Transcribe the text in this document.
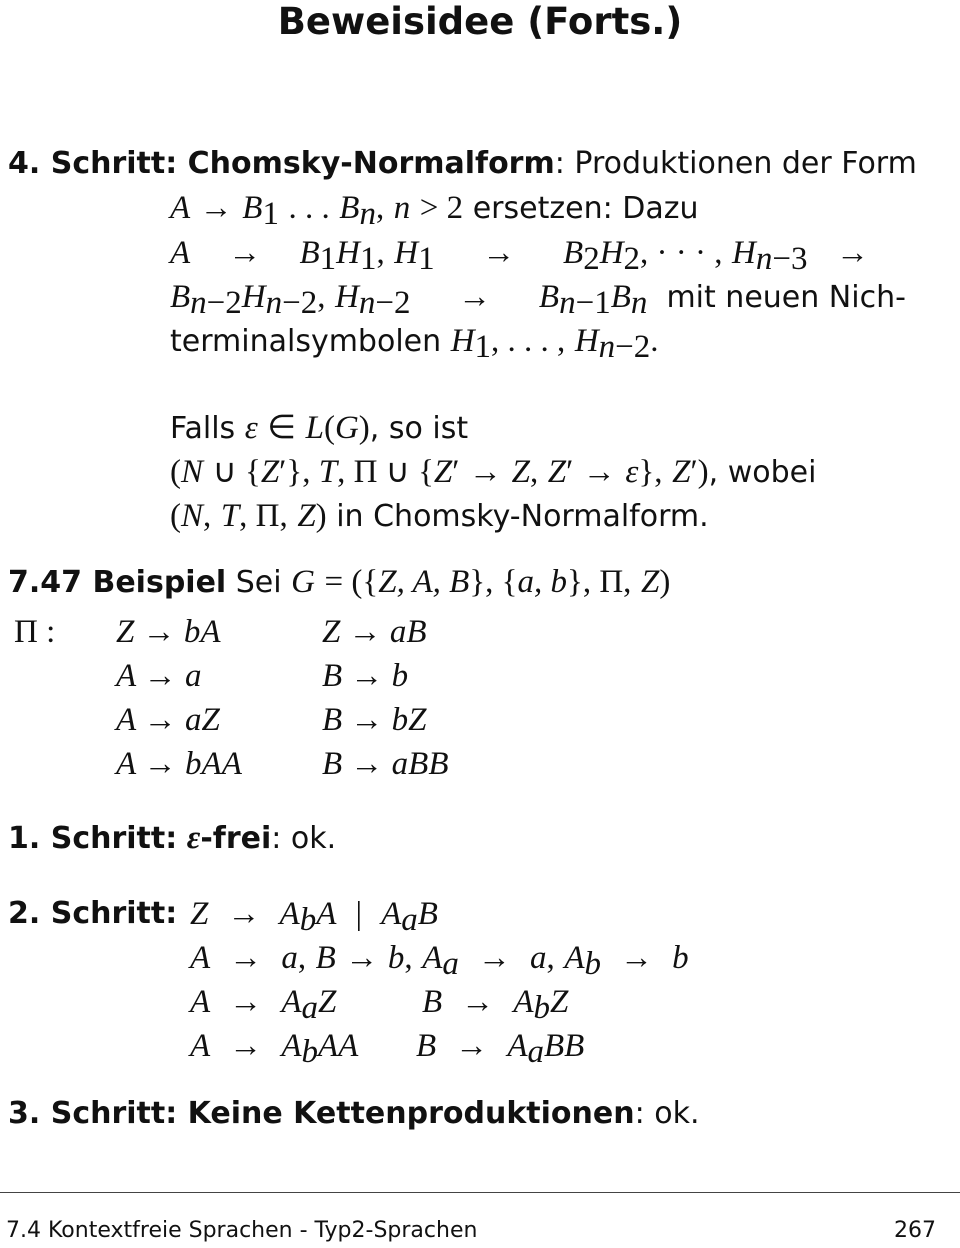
Beweisidee (Forts.)
4. Schritt: Chomsky-Normalform: Produktionen der Form
$A \to B_1$ . . . $B_n$, n > 2 ersetzen: Dazu
$A \to B_1H_1$, $H_1 \to B_2H_2$, · · · , $H_{n-3}$ →
$B_{n-2}H_{n-2}$, $H_{n-2} \to B_{n-1}B_n$ mit neuen Nich-
terminalsymbolen $H_1$, . . . , $H_{n-2}$.
Falls ε ∈ L(G), so ist
(N ∪ {Z′}, T, Π ∪ {Z′ → Z, Z′ → ε}, Z′), wobei
(N, T, Π, Z) in Chomsky-Normalform.
7.47 Beispiel Sei G = ({Z, A, B}, {a, b}, Π, Z)
Π : Z → bA	Z → aB
A → a	B → b
A → aZ	B → bZ
A → bAA B → aBB
1. Schritt: ε-frei: ok.
2. Schritt: $Z \to A_bA$ | $A_aB$
A → a, B → b, $A_a \to a$, $A_b \to b$
$A \to A_aZ$	$B \to A_bZ$
$A \to A_bAA$ $B \to A_aBB$
3. Schritt: Keine Kettenproduktionen: ok.
7.4 Kontextfreie Sprachen - Typ2-Sprachen	267
